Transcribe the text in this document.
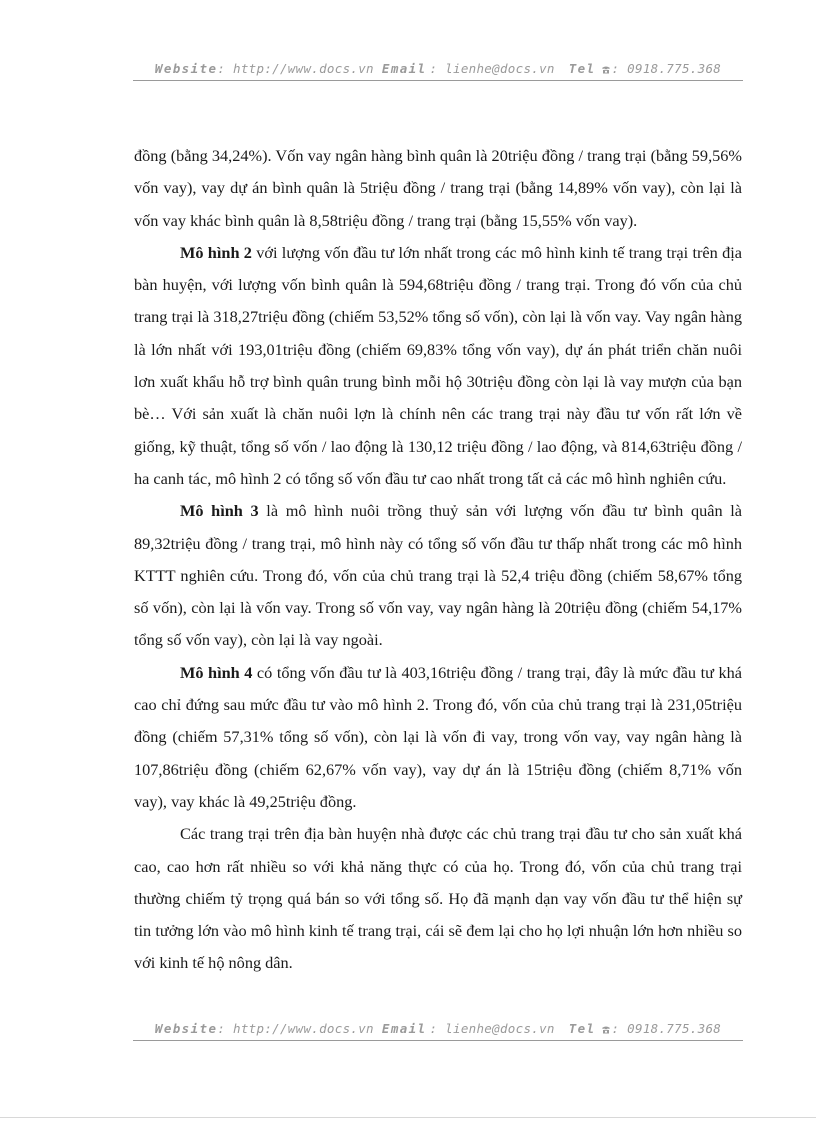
Website: http://www.docs.vn Email : lienhe@docs.vn Tel : 0918.775.368

đồng (bằng 34,24%). Vốn vay ngân hàng bình quân là 20triệu đồng / trang trại (bằng 59,56% vốn vay), vay dự án bình quân là 5triệu đồng / trang trại (bằng 14,89% vốn vay), còn lại là vốn vay khác bình quân là 8,58triệu đồng / trang trại (bằng 15,55% vốn vay).

Mô hình 2 với lượng vốn đầu tư lớn nhất trong các mô hình kinh tế trang trại trên địa bàn huyện, với lượng vốn bình quân là 594,68triệu đồng / trang trại. Trong đó vốn của chủ trang trại là 318,27triệu đồng (chiếm 53,52% tổng số vốn), còn lại là vốn vay. Vay ngân hàng là lớn nhất với 193,01triệu đồng (chiếm 69,83% tổng vốn vay), dự án phát triển chăn nuôi lơn xuất khẩu hỗ trợ bình quân trung bình mỗi hộ 30triệu đồng còn lại là vay mượn của bạn bè… Với sản xuất là chăn nuôi lợn là chính nên các trang trại này đầu tư vốn rất lớn về giống, kỹ thuật, tổng số vốn / lao động là 130,12 triệu đồng / lao động, và 814,63triệu đồng / ha canh tác, mô hình 2 có tổng số vốn đầu tư cao nhất trong tất cả các mô hình nghiên cứu.

Mô hình 3 là mô hình nuôi trồng thuỷ sản với lượng vốn đầu tư bình quân là 89,32triệu đồng / trang trại, mô hình này có tổng số vốn đầu tư thấp nhất trong các mô hình KTTT nghiên cứu. Trong đó, vốn của chủ trang trại là 52,4 triệu đồng (chiếm 58,67% tổng số vốn), còn lại là vốn vay. Trong số vốn vay, vay ngân hàng là 20triệu đồng (chiếm 54,17% tổng số vốn vay), còn lại là vay ngoài.

Mô hình 4 có tổng vốn đầu tư là 403,16triệu đồng / trang trại, đây là mức đầu tư khá cao chỉ đứng sau mức đầu tư vào mô hình 2. Trong đó, vốn của chủ trang trại là 231,05triệu đồng (chiếm 57,31% tổng số vốn), còn lại là vốn đi vay, trong vốn vay, vay ngân hàng là 107,86triệu đồng (chiếm 62,67% vốn vay), vay dự án là 15triệu đồng (chiếm 8,71% vốn vay), vay khác là 49,25triệu đồng.

Các trang trại trên địa bàn huyện nhà được các chủ trang trại đầu tư cho sản xuất khá cao, cao hơn rất nhiều so với khả năng thực có của họ. Trong đó, vốn của chủ trang trại thường chiếm tỷ trọng quá bán so với tổng số. Họ đã mạnh dạn vay vốn đầu tư thể hiện sự tin tưởng lớn vào mô hình kinh tế trang trại, cái sẽ đem lại cho họ lợi nhuận lớn hơn nhiều so với kinh tế hộ nông dân.

Website: http://www.docs.vn Email : lienhe@docs.vn Tel : 0918.775.368
